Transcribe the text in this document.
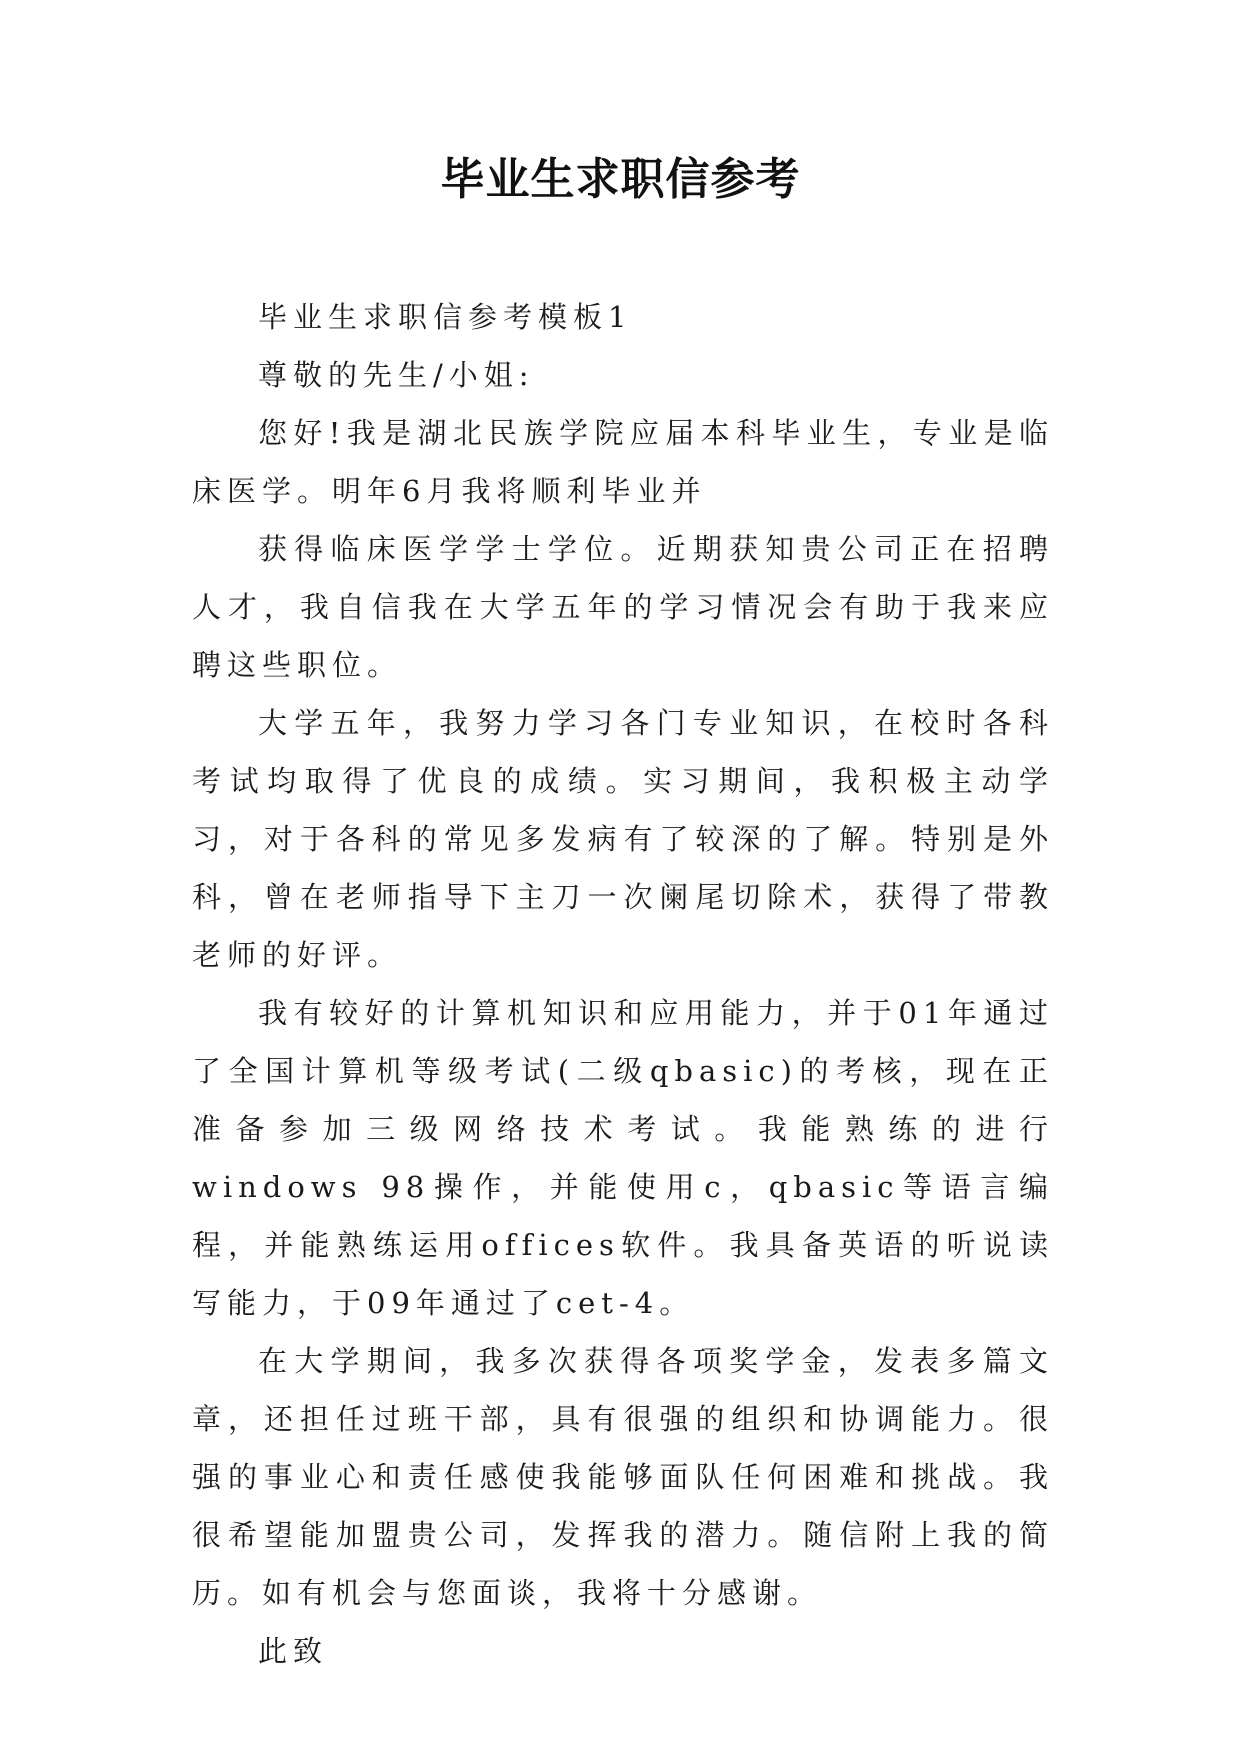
毕业生求职信参考

毕业生求职信参考模板1

尊敬的先生/小姐:

您好!我是湖北民族学院应届本科毕业生，专业是临床医学。明年6月我将顺利毕业并

获得临床医学学士学位。近期获知贵公司正在招聘人才，我自信我在大学五年的学习情况会有助于我来应聘这些职位。

大学五年，我努力学习各门专业知识，在校时各科考试均取得了优良的成绩。实习期间，我积极主动学习，对于各科的常见多发病有了较深的了解。特别是外科，曾在老师指导下主刀一次阑尾切除术，获得了带教老师的好评。

我有较好的计算机知识和应用能力，并于01年通过了全国计算机等级考试(二级qbasic)的考核，现在正准备参加三级网络技术考试。我能熟练的进行windows 98操作，并能使用c，qbasic等语言编程，并能熟练运用offices软件。我具备英语的听说读写能力，于09年通过了cet-4。

在大学期间，我多次获得各项奖学金，发表多篇文章，还担任过班干部，具有很强的组织和协调能力。很强的事业心和责任感使我能够面队任何困难和挑战。我很希望能加盟贵公司，发挥我的潜力。随信附上我的简历。如有机会与您面谈，我将十分感谢。

此致
